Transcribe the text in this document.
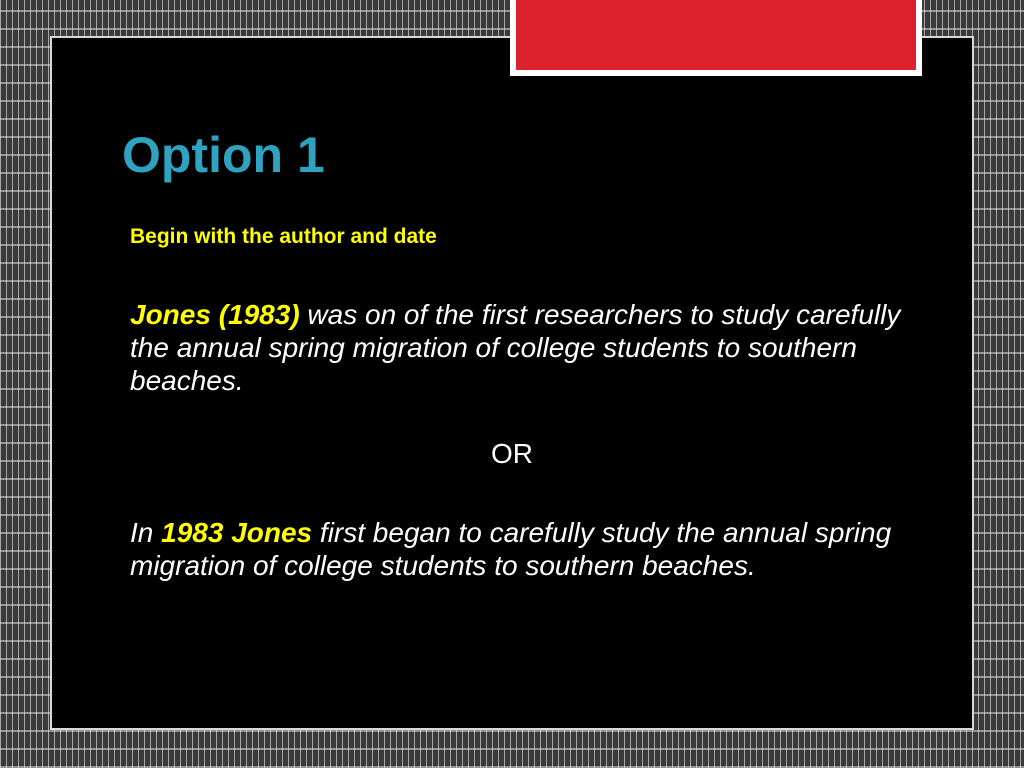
Option 1
Begin with the author and date
Jones (1983) was on of the first researchers to study carefully the annual spring migration of college students to southern beaches.
OR
In 1983 Jones first began to carefully study the annual spring migration of college students to southern beaches.
